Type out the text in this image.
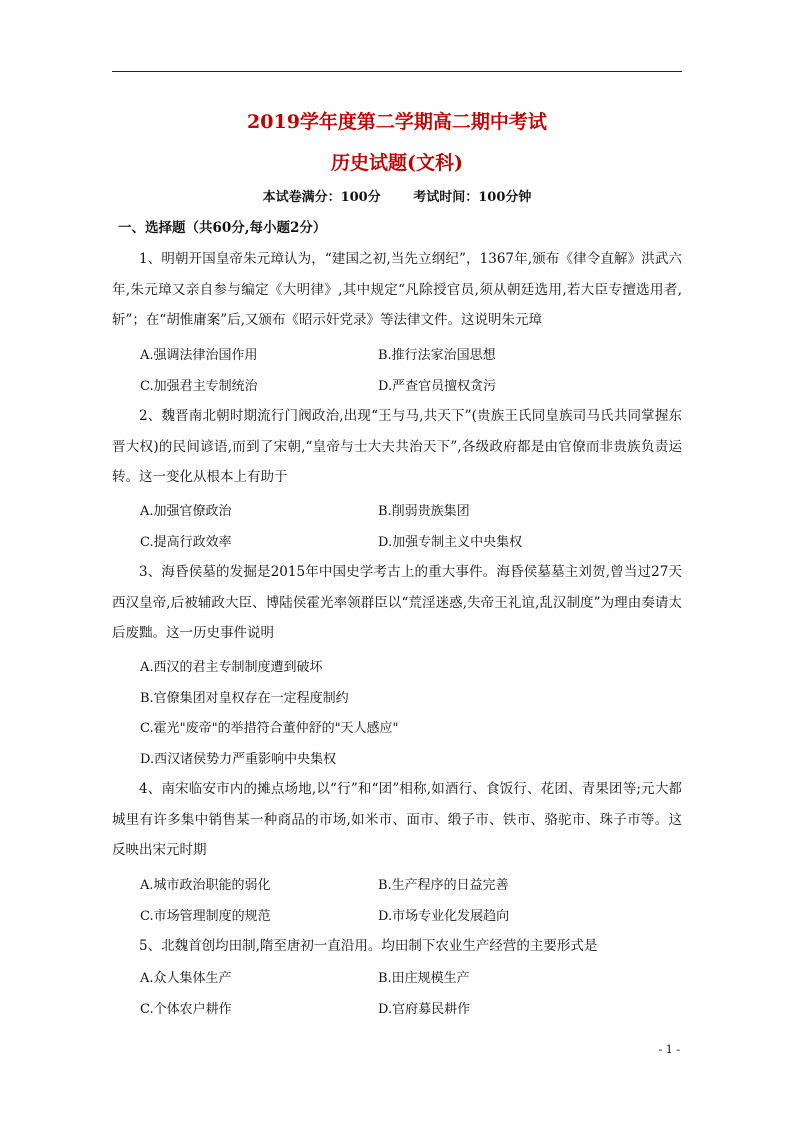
2019学年度第二学期高二期中考试
历史试题(文科)
本试卷满分：100分	考试时间：100分钟
一、选择题（共60分,每小题2分）
1、明朝开国皇帝朱元璋认为，“建国之初,当先立纲纪”，1367年,颁布《律令直解》洪武六年,朱元璋又亲自参与编定《大明律》,其中规定“凡除授官员,须从朝廷选用,若大臣专擅选用者,斩”；在“胡惟庸案”后,又颁布《昭示奸党录》等法律文件。这说明朱元璋
A.强调法律治国作用	B.推行法家治国思想
C.加强君主专制统治	D.严查官员擅权贪污
2、魏晋南北朝时期流行门阀政治,出现“王与马,共天下”(贵族王氏同皇族司马氏共同掌握东晋大权)的民间谚语,而到了宋朝,“皇帝与士大夫共治天下”,各级政府都是由官僚而非贵族负责运转。这一变化从根本上有助于
A.加强官僚政治	B.削弱贵族集团
C.提高行政效率	D.加强专制主义中央集权
3、海昏侯墓的发掘是2015年中国史学考古上的重大事件。海昏侯墓墓主刘贺,曾当过27天西汉皇帝,后被辅政大臣、博陆侯霍光率领群臣以“荒淫迷惑,失帝王礼谊,乱汉制度”为理由奏请太后废黜。这一历史事件说明
A.西汉的君主专制制度遭到破坏
B.官僚集团对皇权存在一定程度制约
C.霍光"废帝"的举措符合董仲舒的"天人感应"
D.西汉诸侯势力严重影响中央集权
4、南宋临安市内的摊点场地,以“行”和“团”相称,如酒行、食饭行、花团、青果团等;元大都城里有许多集中销售某一种商品的市场,如米市、面市、缎子市、铁市、骆驼市、珠子市等。这反映出宋元时期
A.城市政治职能的弱化	B.生产程序的日益完善
C.市场管理制度的规范	D.市场专业化发展趋向
5、北魏首创均田制,隋至唐初一直沿用。均田制下农业生产经营的主要形式是
A.众人集体生产	B.田庄规模生产
C.个体农户耕作	D.官府募民耕作
- 1 -
